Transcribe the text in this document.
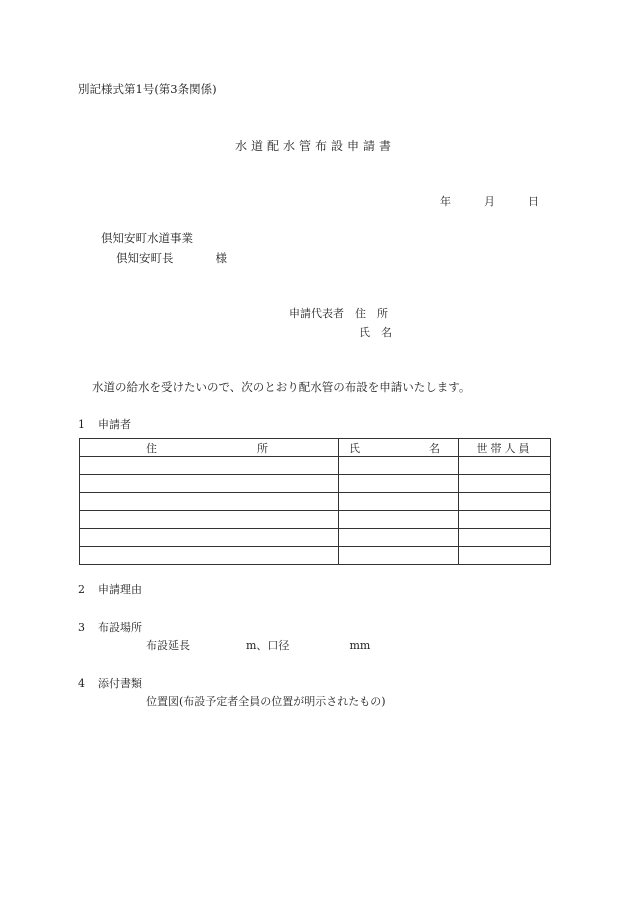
別記様式第1号(第3条関係)
水道配水管布設申請書
年	月	日
倶知安町水道事業
倶知安町長	様
申請代表者 住　所
氏　名
水道の給水を受けたいので、次のとおり配水管の布設を申請いたします。
1 申請者
住 所	氏 名	世帯人員

2 申請理由
3 布設場所
布設延長	m、口径	mm
4 添付書類
位置図(布設予定者全員の位置が明示されたもの)
